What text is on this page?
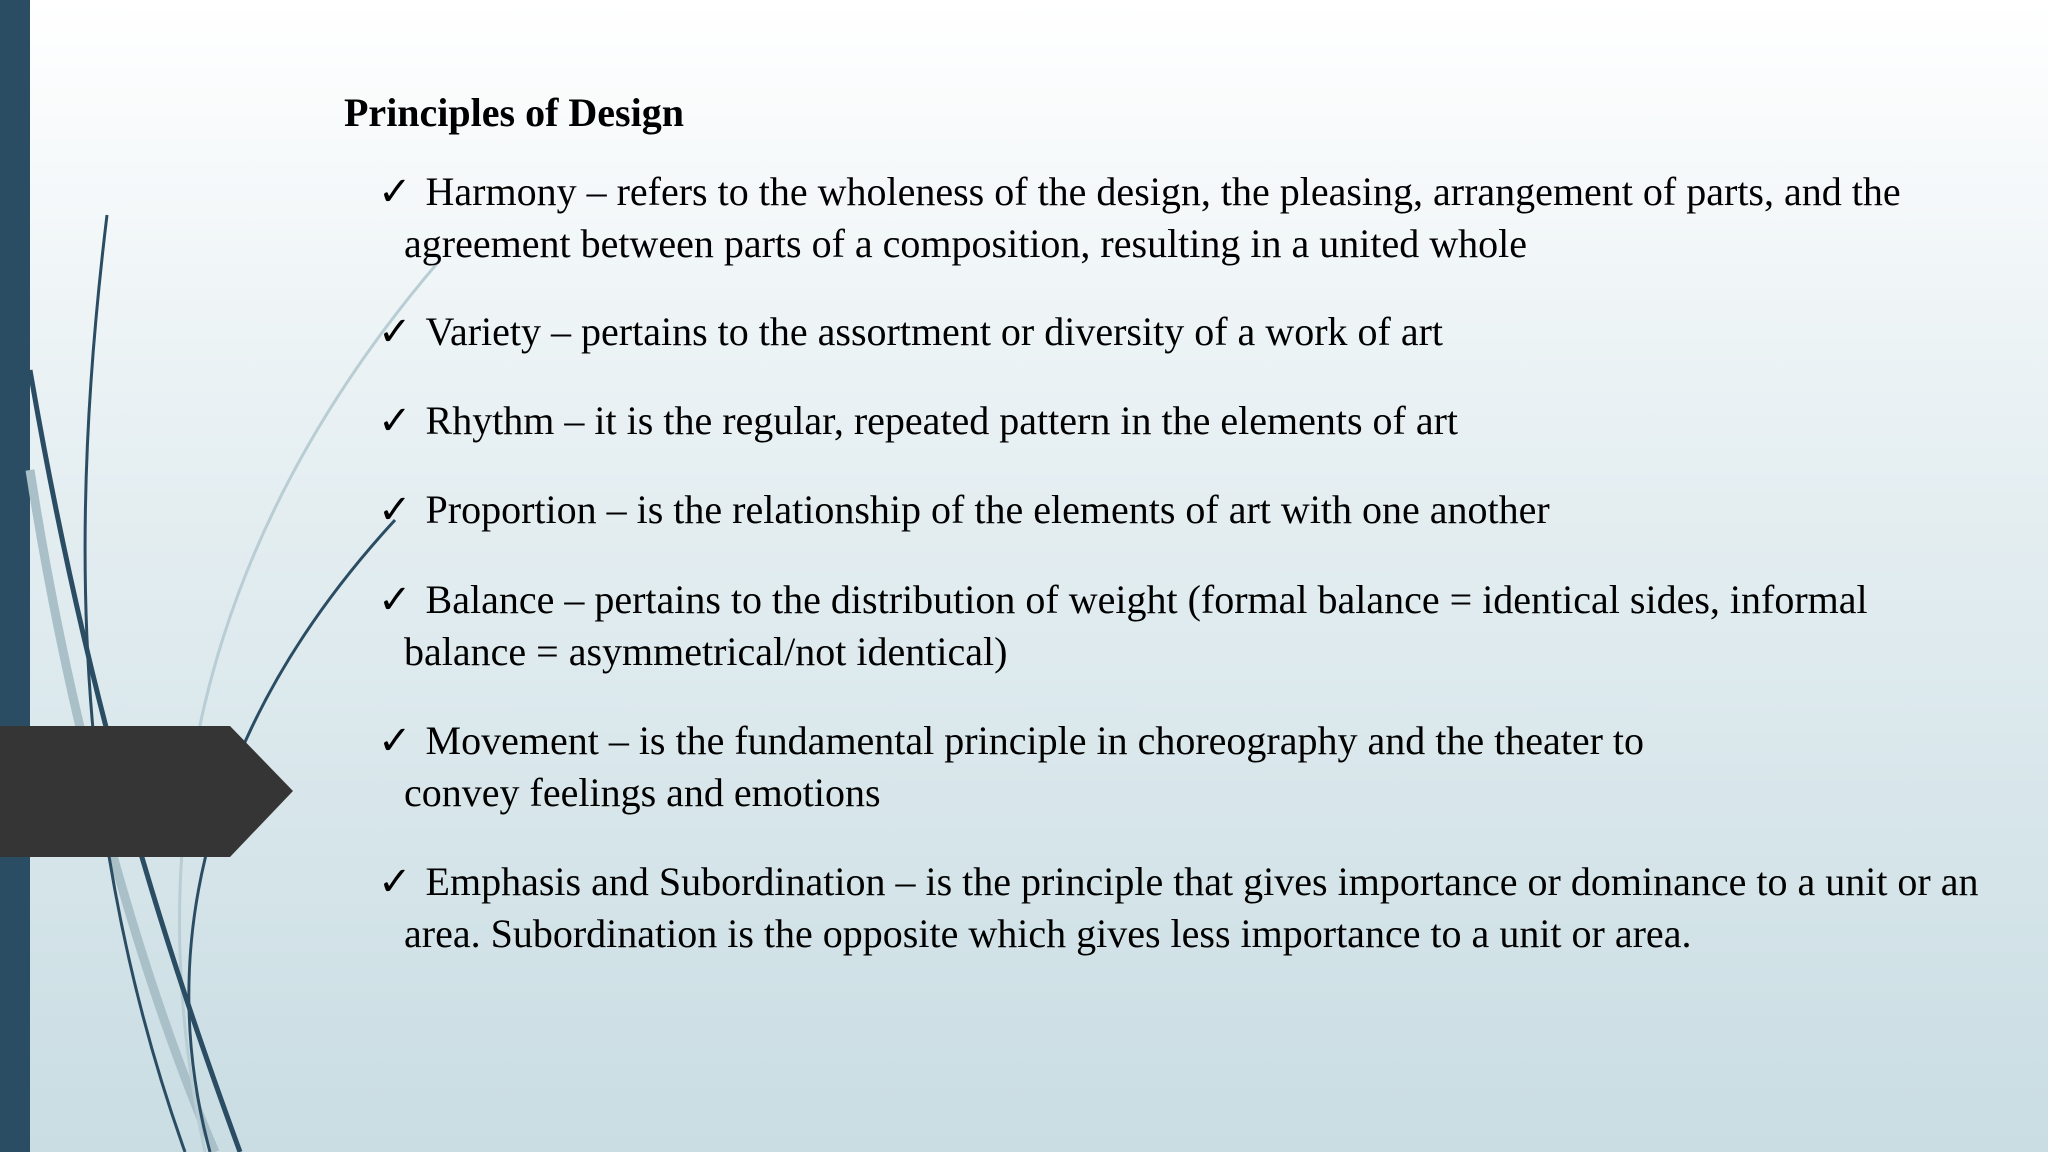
Principles of Design
✓ Harmony – refers to the wholeness of the design, the pleasing, arrangement of parts, and the agreement between parts of a composition, resulting in a united whole
✓ Variety – pertains to the assortment or diversity of a work of art
✓ Rhythm – it is the regular, repeated pattern in the elements of art
✓ Proportion – is the relationship of the elements of art with one another
✓ Balance – pertains to the distribution of weight (formal balance = identical sides, informal balance = asymmetrical/not identical)
✓ Movement – is the fundamental principle in choreography and the theater to convey feelings and emotions
✓ Emphasis and Subordination – is the principle that gives importance or dominance to a unit or an area. Subordination is the opposite which gives less importance to a unit or area.
